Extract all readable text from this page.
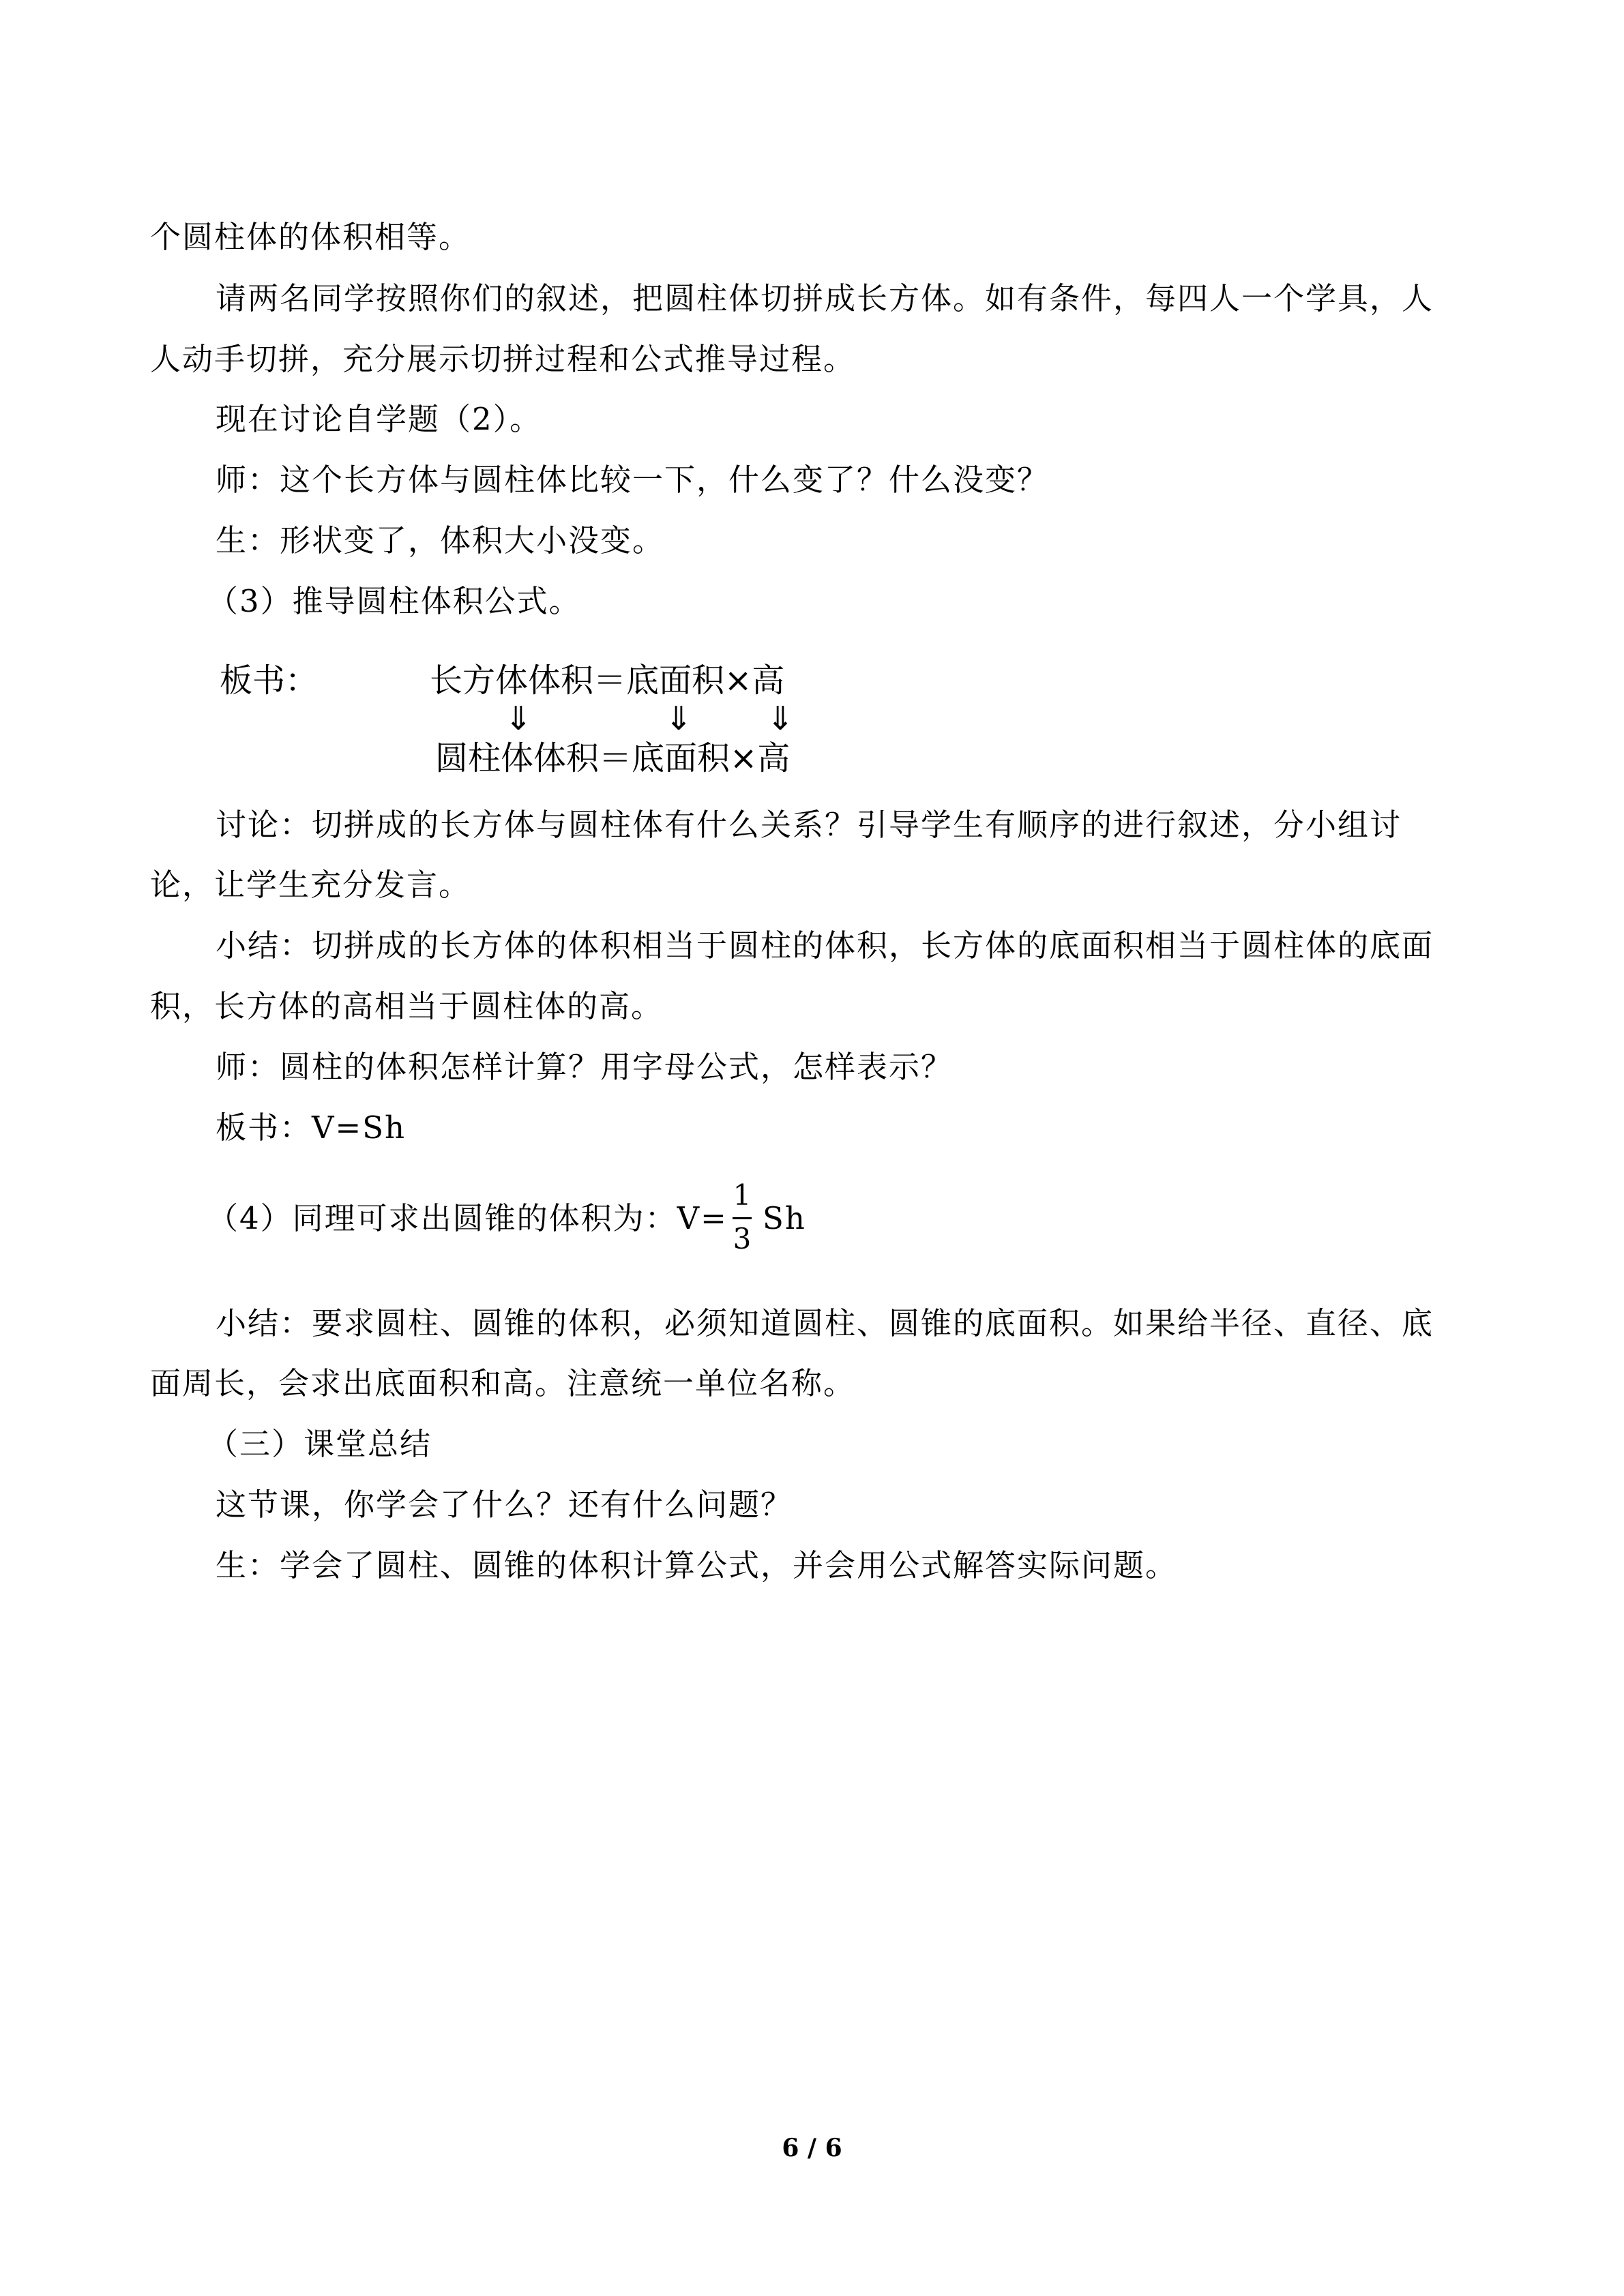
个圆柱体的体积相等。
请两名同学按照你们的叙述，把圆柱体切拼成长方体。如有条件，每四人一个学具，人
人动手切拼，充分展示切拼过程和公式推导过程。
现在讨论自学题（2）。
师：这个长方体与圆柱体比较一下，什么变了？什么没变？
生：形状变了，体积大小没变。
（3）推导圆柱体积公式。
板书：	长方体体积＝底面积×高
⇓	⇓ ⇓
圆柱体体积＝底面积×高
讨论：切拼成的长方体与圆柱体有什么关系？引导学生有顺序的进行叙述，分小组讨
论，让学生充分发言。
小结：切拼成的长方体的体积相当于圆柱的体积，长方体的底面积相当于圆柱体的底面
积，长方体的高相当于圆柱体的高。
师：圆柱的体积怎样计算？用字母公式，怎样表示？
板书：V=Sh
（4）同理可求出圆锥的体积为：V=
1
3
Sh
小结：要求圆柱、圆锥的体积，必须知道圆柱、圆锥的底面积。如果给半径、直径、底
面周长，会求出底面积和高。注意统一单位名称。
（三）课堂总结
这节课，你学会了什么？还有什么问题？
生：学会了圆柱、圆锥的体积计算公式，并会用公式解答实际问题。
6 / 6
